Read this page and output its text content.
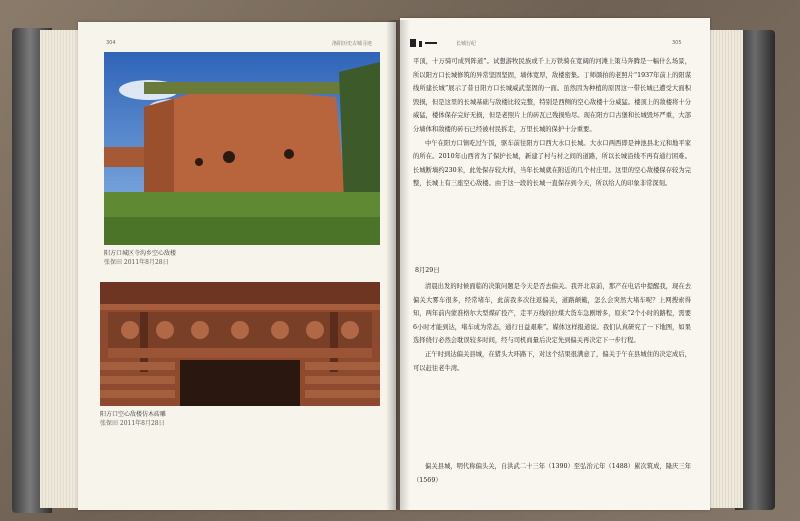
304	洛阳历史古城寻迹
阳方口城区寺沟乡空心敌楼
张保田 2011年8月28日
阳方口空心敌楼仿木砖雕
张保田 2011年8月28日
长城行纪	305

平顶，十万骑可成列阵道”。试想游牧民族或千上万铁骑在宽阔的河滩上策马奔腾是一幅什么场景，所以阳方口长城修筑的异常坚固坚固，墙体宽厚，敌楼密集。丁师颜拍的老照片“1937年前上的阳谋线所建长城”展示了昔日阳方口长城威武坚固的一面。虽然因为种植的原因这一带长城已遭受大面积毁损，但是这里的长城基础与敌楼比较完整，特别是西侧的空心敌楼十分威猛。楼顶上的敌楼将十分威猛，楼体保存完好无损，但是老照片上的砖瓦已残损殆尽。现在阳方口古堡和长城毁坏严重，大部分墙体和敌楼的砖石已经被村民拆走，万里长城的保护十分重要。

中午在阳方口镇吃过午饭，驱车前往阳方口西大水口长城。大水口两西即是神池县北元和地平家的所在。2010年山西省为了保护长城，新建了村与村之间的道路，所以长城沿线不再有通行困难。长城断墙约230米，此处保存较大样，当年长城就在附近的几个村庄里。这里的空心敌楼保存较为完整，长城上有三座空心敌楼。由于这一段的长城一直保存到今天，所以给人的印象非常深刻。

8月29日

清晨出发的时候面临的决策问题是今天是否去偏关。我开北京前，那产在电话中提醒我，现在去偏关大雾车很多，经常堵车，此前我多次往返偏关，道路颠簸，怎么会突然大堵车呢？上网搜索得知，两年前内蒙准格尔大型煤矿投产，走平万线的拉煤大货车急剧增多，原来“2个小时的路程，需要6小时才能到达，堵车成为常态，通行日益艰难”。媒体这样报道说。我们认真研究了一下地图，如果选择绕行必然会耽误较多时间，经与司机商量后决定先到偏关再决定下一步行程。

正午时到达偏关县城，在猪头大环路下，对这个结果很满意了，偏关于午在县城住的决定成后，可以赶往老牛湾。

偏关县城，明代称偏头关，自洪武二十三年（1390）至弘治元年（1488）累次筑成，隆庆三年（1569）
